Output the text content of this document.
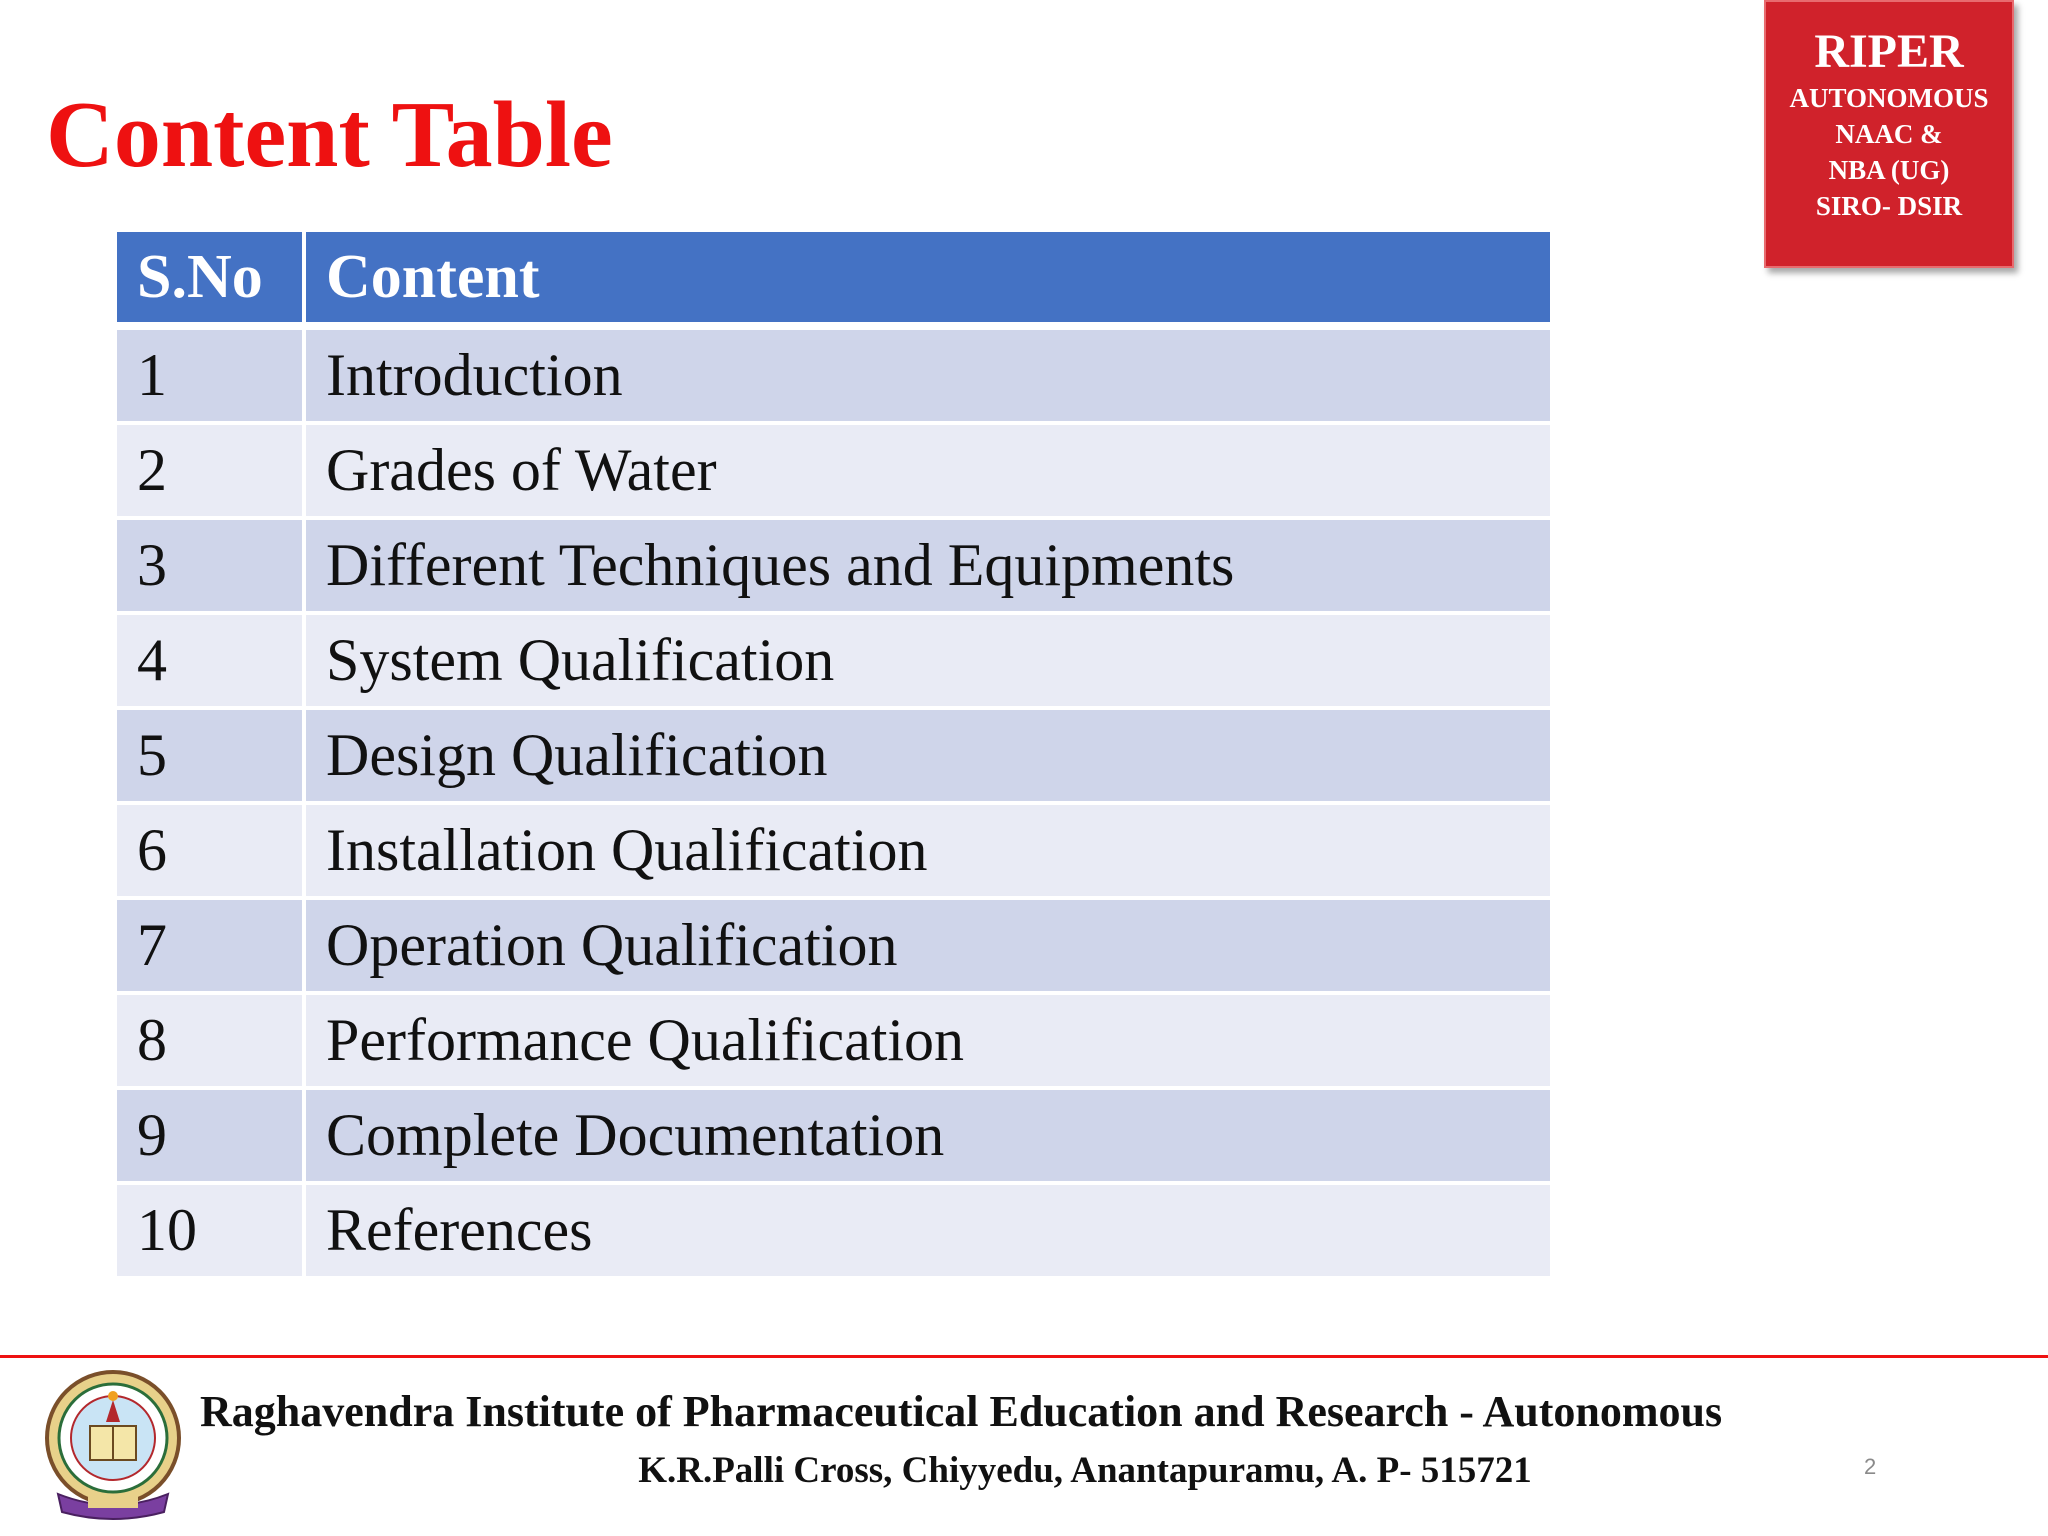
Content Table
RIPER
AUTONOMOUS
NAAC &
NBA (UG)
SIRO- DSIR
S.No	Content
1	Introduction
2	Grades of Water
3	Different Techniques and Equipments
4	System Qualification
5	Design Qualification
6	Installation Qualification
7	Operation Qualification
8	Performance Qualification
9	Complete Documentation
10	References

Raghavendra Institute of Pharmaceutical Education and Research - Autonomous

K.R.Palli Cross, Chiyyedu, Anantapuramu, A. P- 515721	2
